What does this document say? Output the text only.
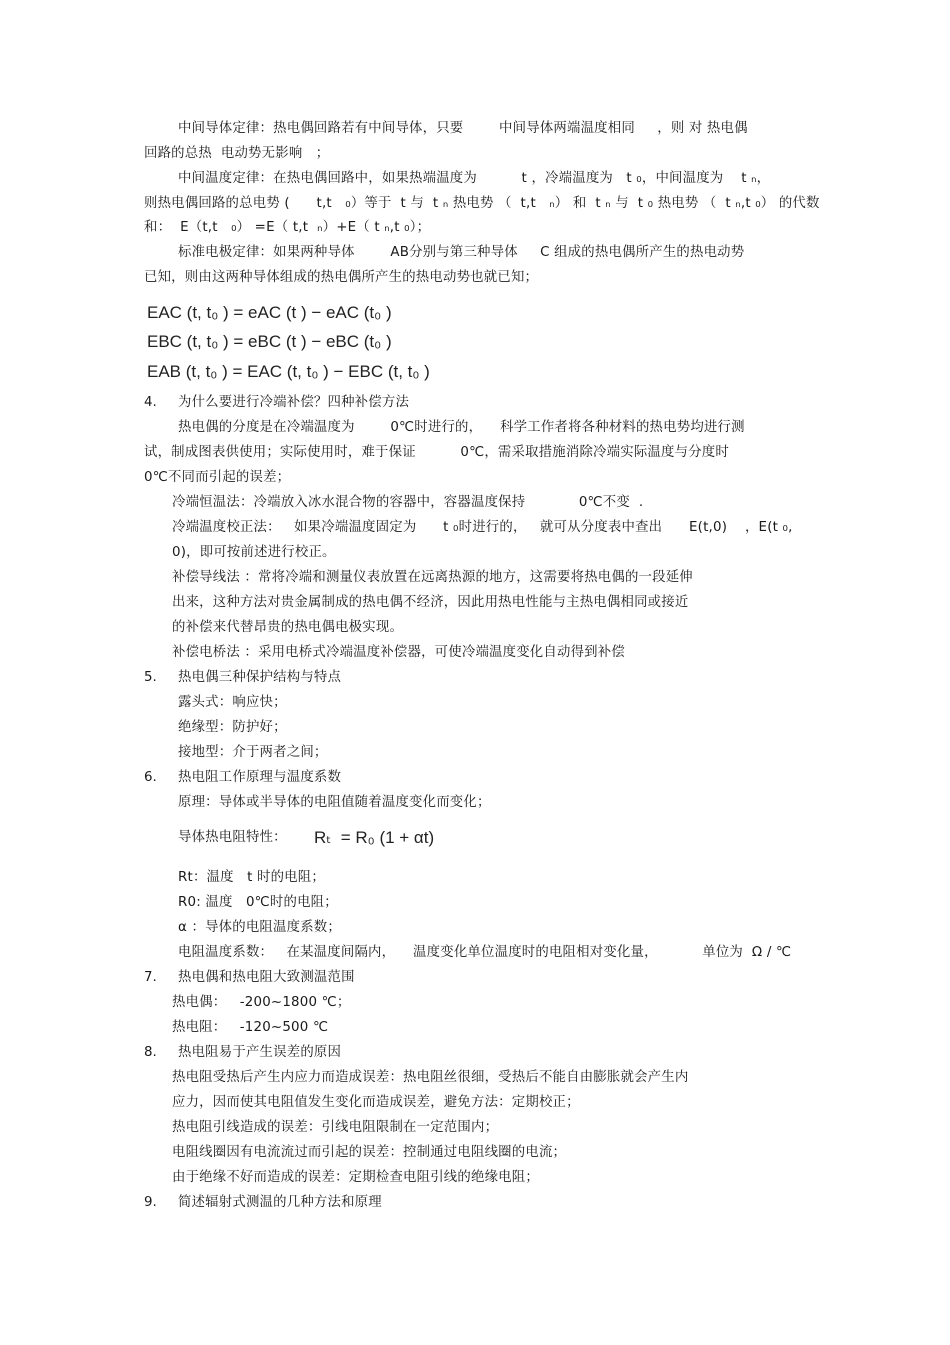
中间导体定律：热电偶回路若有中间导体，只要        中间导体两端温度相同     ，则 对 热电偶
回路的总热  电动势无影响   ；
中间温度定律：在热电偶回路中，如果热端温度为          t ，冷端温度为   t ₀，中间温度为    t ₙ，
则热电偶回路的总电势 (      t,t   ₀）等于  t 与  t ₙ 热电势 （  t,t   ₙ） 和  t ₙ 与  t ₀ 热电势 （  t ₙ,t ₀） 的代数
和：  E（t,t   ₀） =E（ t,t  ₙ）+E（ t ₙ,t ₀）；
标准电极定律：如果两种导体        AB分别与第三种导体     C 组成的热电偶所产生的热电动势
已知，则由这两种导体组成的热电偶所产生的热电动势也就已知；
EAC (t, t₀ ) = eAC (t ) − eAC (t₀ )
EBC (t, t₀ ) = eBC (t ) − eBC (t₀ )
EAB (t, t₀ ) = EAC (t, t₀ ) − EBC (t, t₀ )
4. 为什么要进行冷端补偿？四种补偿方法
热电偶的分度是在冷端温度为        0℃时进行的，    科学工作者将各种材料的热电势均进行测
试，制成图表供使用；实际使用时，难于保证          0℃，需采取措施消除冷端实际温度与分度时
0℃不同而引起的误差；
冷端恒温法：冷端放入冰水混合物的容器中，容器温度保持            0℃不变  .
冷端温度校正法：   如果冷端温度固定为      t ₀时进行的，   就可从分度表中查出      E(t,0)    ，E(t ₀,
0)，即可按前述进行校正。
补偿导线法 ：常将冷端和测量仪表放置在远离热源的地方，这需要将热电偶的一段延伸
出来，这种方法对贵金属制成的热电偶不经济，因此用热电性能与主热电偶相同或接近
的补偿来代替昂贵的热电偶电极实现。
补偿电桥法 ：采用电桥式冷端温度补偿器，可使冷端温度变化自动得到补偿
5. 热电偶三种保护结构与特点
露头式：响应快；
绝缘型：防护好；
接地型：介于两者之间；
6. 热电阻工作原理与温度系数
原理：导体或半导体的电阻值随着温度变化而变化；
导体热电阻特性： Rₜ  = R₀ (1 + αt)
Rt：温度   t 时的电阻；
R0: 温度   0℃时的电阻；
α ：导体的电阻温度系数；
电阻温度系数：   在某温度间隔内，    温度变化单位温度时的电阻相对变化量，          单位为  Ω / ℃
7. 热电偶和热电阻大致测温范围
热电偶：   -200~1800 ℃；
热电阻：   -120~500 ℃
8. 热电阻易于产生误差的原因
热电阻受热后产生内应力而造成误差：热电阻丝很细，受热后不能自由膨胀就会产生内
应力，因而使其电阻值发生变化而造成误差，避免方法：定期校正；
热电阻引线造成的误差：引线电阻限制在一定范围内；
电阻线圈因有电流流过而引起的误差：控制通过电阻线圈的电流；
由于绝缘不好而造成的误差：定期检查电阻引线的绝缘电阻；
9. 简述辐射式测温的几种方法和原理
